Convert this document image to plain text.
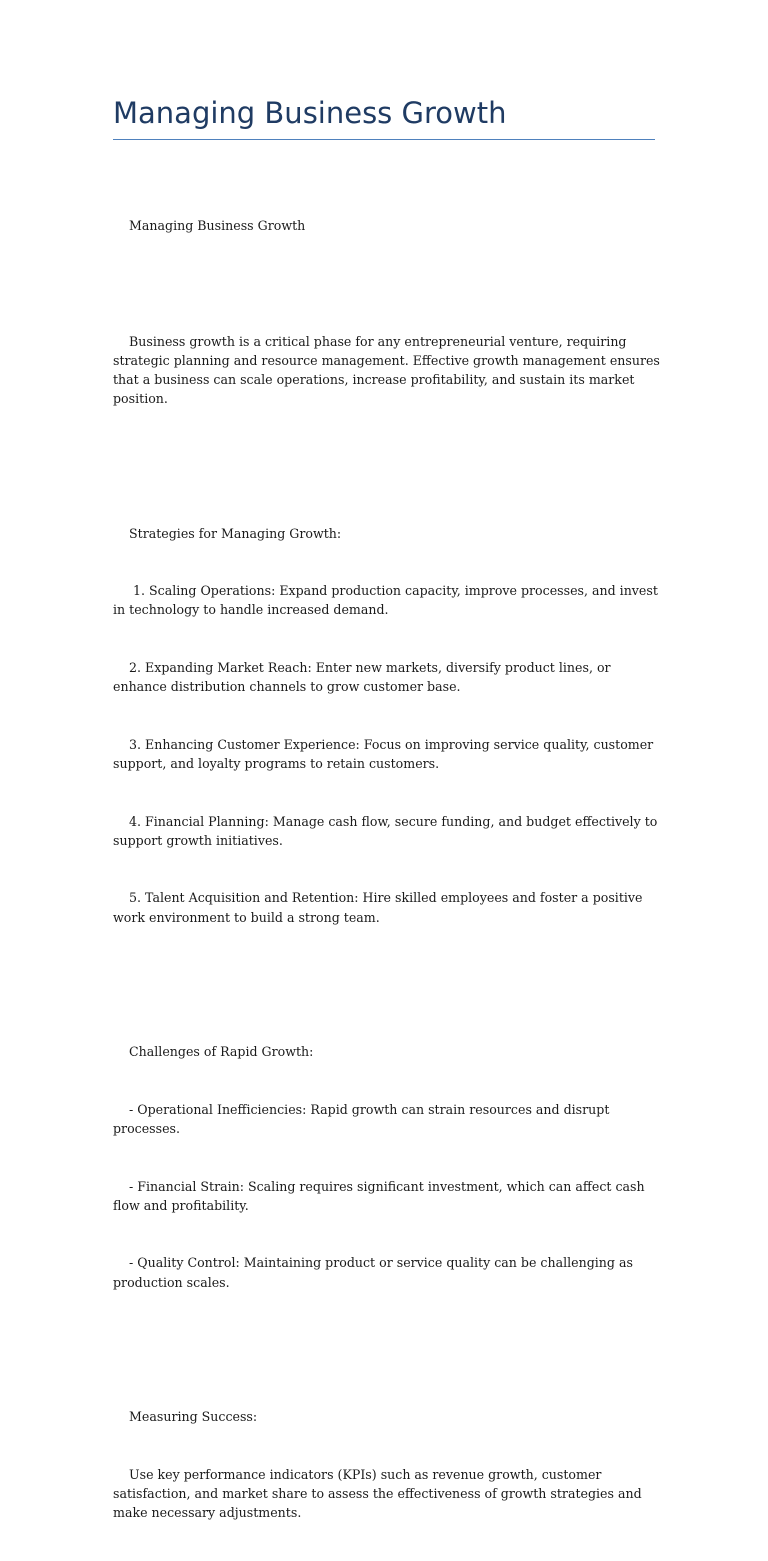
Managing Business Growth

Managing Business Growth

Business growth is a critical phase for any entrepreneurial venture, requiring strategic planning and resource management. Effective growth management ensures that a business can scale operations, increase profitability, and sustain its market position.

Strategies for Managing Growth:

1. Scaling Operations: Expand production capacity, improve processes, and invest in technology to handle increased demand.

2. Expanding Market Reach: Enter new markets, diversify product lines, or enhance distribution channels to grow customer base.

3. Enhancing Customer Experience: Focus on improving service quality, customer support, and loyalty programs to retain customers.

4. Financial Planning: Manage cash flow, secure funding, and budget effectively to support growth initiatives.

5. Talent Acquisition and Retention: Hire skilled employees and foster a positive work environment to build a strong team.

Challenges of Rapid Growth:

- Operational Inefficiencies: Rapid growth can strain resources and disrupt processes.

- Financial Strain: Scaling requires significant investment, which can affect cash flow and profitability.

- Quality Control: Maintaining product or service quality can be challenging as production scales.

Measuring Success:

Use key performance indicators (KPIs) such as revenue growth, customer satisfaction, and market share to assess the effectiveness of growth strategies and make necessary adjustments.
